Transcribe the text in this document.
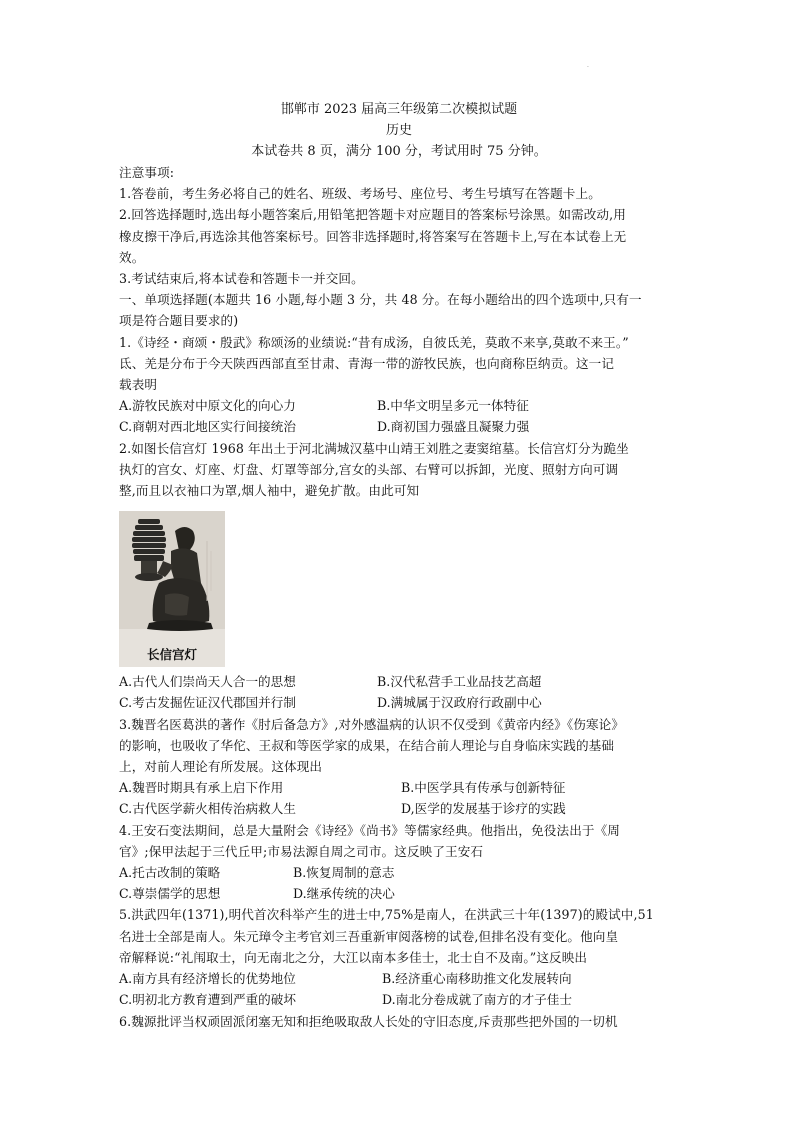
·
邯郸市 2023 届高三年级第二次模拟试题
历史
本试卷共 8 页，满分 100 分，考试用时 75 分钟。
注意事项:
1.答卷前，考生务必将自己的姓名、班级、考场号、座位号、考生号填写在答题卡上。
2.回答选择题时,选出每小题答案后,用铅笔把答题卡对应题目的答案标号涂黑。如需改动,用
橡皮擦干净后,再选涂其他答案标号。回答非选择题时,将答案写在答题卡上,写在本试卷上无
效。
3.考试结束后,将本试卷和答题卡一并交回。
一、单项选择题(本题共 16 小题,每小题 3 分，共 48 分。在每小题给出的四个选项中,只有一
项是符合题目要求的)
1.《诗经・商颂・殷武》称颂汤的业绩说:“昔有成汤，自彼氐羌，莫敢不来享,莫敢不来王。”
氐、羌是分布于今天陕西西部直至甘肃、青海一带的游牧民族，也向商称臣纳贡。这一记
载表明
A.游牧民族对中原文化的向心力	B.中华文明呈多元一体特征
C.商朝对西北地区实行间接统治	D.商初国力强盛且凝聚力强
2.如图长信宫灯 1968 年出土于河北满城汉墓中山靖王刘胜之妻窦绾墓。长信宫灯分为跪坐
执灯的宫女、灯座、灯盘、灯罩等部分,宫女的头部、右臂可以拆卸，光度、照射方向可调
整,而且以衣袖口为罩,烟人袖中，避免扩散。由此可知
长信宫灯
A.古代人们崇尚天人合一的思想	B.汉代私营手工业品技艺高超
C.考古发掘佐证汉代郡国并行制	D.满城属于汉政府行政副中心
3.魏晋名医葛洪的著作《肘后备急方》,对外感温病的认识不仅受到《黄帝内经》《伤寒论》
的影响，也吸收了华佗、王叔和等医学家的成果，在结合前人理论与自身临床实践的基础
上，对前人理论有所发展。这体现出
A.魏晋时期具有承上启下作用	B.中医学具有传承与创新特征
C.古代医学薪火相传治病救人生	D,医学的发展基于诊疗的实践
4.王安石变法期间，总是大量附会《诗经》《尚书》等儒家经典。他指出，免役法出于《周
官》;保甲法起于三代丘甲;市易法源自周之司市。这反映了王安石
A.托古改制的策略	B.恢复周制的意志
C.尊崇儒学的思想	D.继承传统的决心
5.洪武四年(1371),明代首次科举产生的进士中,75%是南人，在洪武三十年(1397)的殿试中,51
名进士全部是南人。朱元璋令主考官刘三吾重新审阅落榜的试卷,但排名没有变化。他向皇
帝解释说:“礼闱取士，向无南北之分，大江以南本多佳士，北士自不及南。”这反映出
A.南方具有经济增长的优势地位	B.经济重心南移助推文化发展转向
C.明初北方教育遭到严重的破坏	D.南北分卷成就了南方的才子佳士
6.魏源批评当权顽固派闭塞无知和拒绝吸取敌人长处的守旧态度,斥责那些把外国的一切机
